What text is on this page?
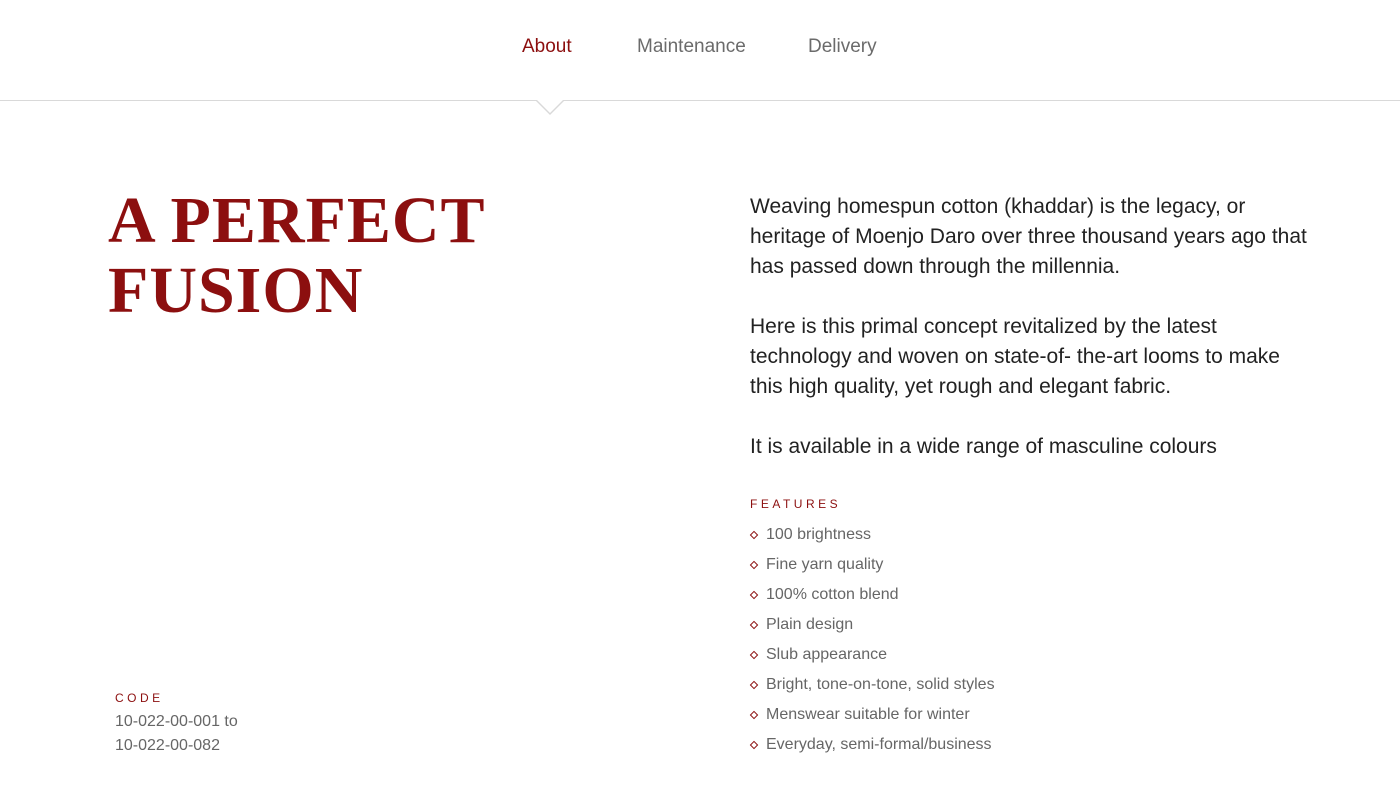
About	Maintenance	Delivery
A PERFECT
FUSION
CODE
10-022-00-001 to
10-022-00-082

Weaving homespun cotton (khaddar) is the legacy, or heritage of Moenjo Daro over three thousand years ago that has passed down through the millennia.

Here is this primal concept revitalized by the latest technology and woven on state-of- the-art looms to make this high quality, yet rough and elegant fabric.

It is available in a wide range of masculine colours

FEATURES
100 brightness
Fine yarn quality
100% cotton blend
Plain design
Slub appearance
Bright, tone-on-tone, solid styles
Menswear suitable for winter
Everyday, semi-formal/business
